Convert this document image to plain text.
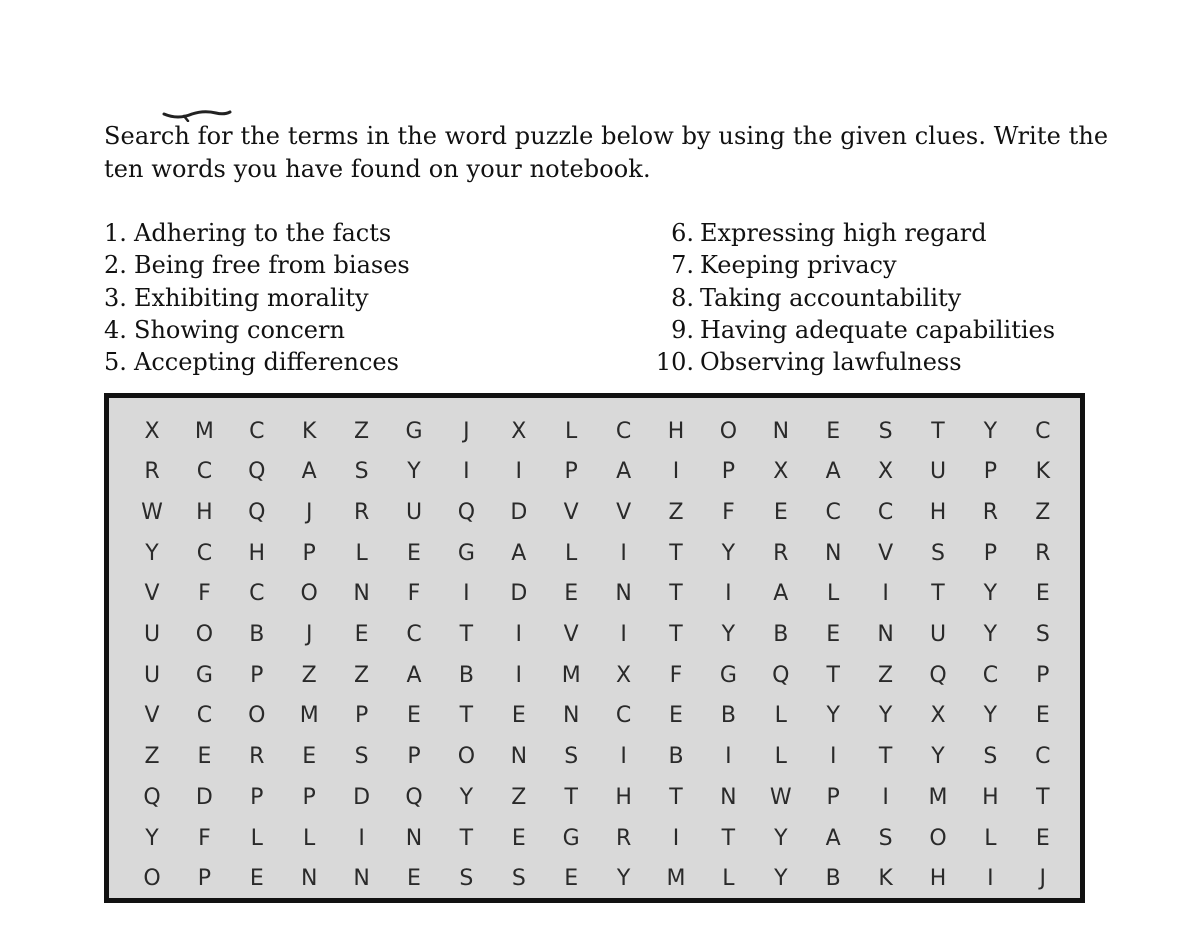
Search for the terms in the word puzzle below by using the given clues. Write the ten words you have found on your notebook.

1. Adhering to the facts
2. Being free from biases
3. Exhibiting morality
4. Showing concern
5. Accepting differences
6. Expressing high regard
7. Keeping privacy
8. Taking accountability
9. Having adequate capabilities
10. Observing lawfulness
X	M	C	K	Z	G	J	X	L	C	H	O	N	E	S	T	Y	C
R	C	Q	A	S	Y	I	I	P	A	I	P	X	A	X	U	P	K
W	H	Q	J	R	U	Q	D	V	V	Z	F	E	C	C	H	R	Z
Y	C	H	P	L	E	G	A	L	I	T	Y	R	N	V	S	P	R
V	F	C	O	N	F	I	D	E	N	T	I	A	L	I	T	Y	E
U	O	B	J	E	C	T	I	V	I	T	Y	B	E	N	U	Y	S
U	G	P	Z	Z	A	B	I	M	X	F	G	Q	T	Z	Q	C	P
V	C	O	M	P	E	T	E	N	C	E	B	L	Y	Y	X	Y	E
Z	E	R	E	S	P	O	N	S	I	B	I	L	I	T	Y	S	C
Q	D	P	P	D	Q	Y	Z	T	H	T	N	W	P	I	M	H	T
Y	F	L	L	I	N	T	E	G	R	I	T	Y	A	S	O	L	E
O	P	E	N	N	E	S	S	E	Y	M	L	Y	B	K	H	I	J
